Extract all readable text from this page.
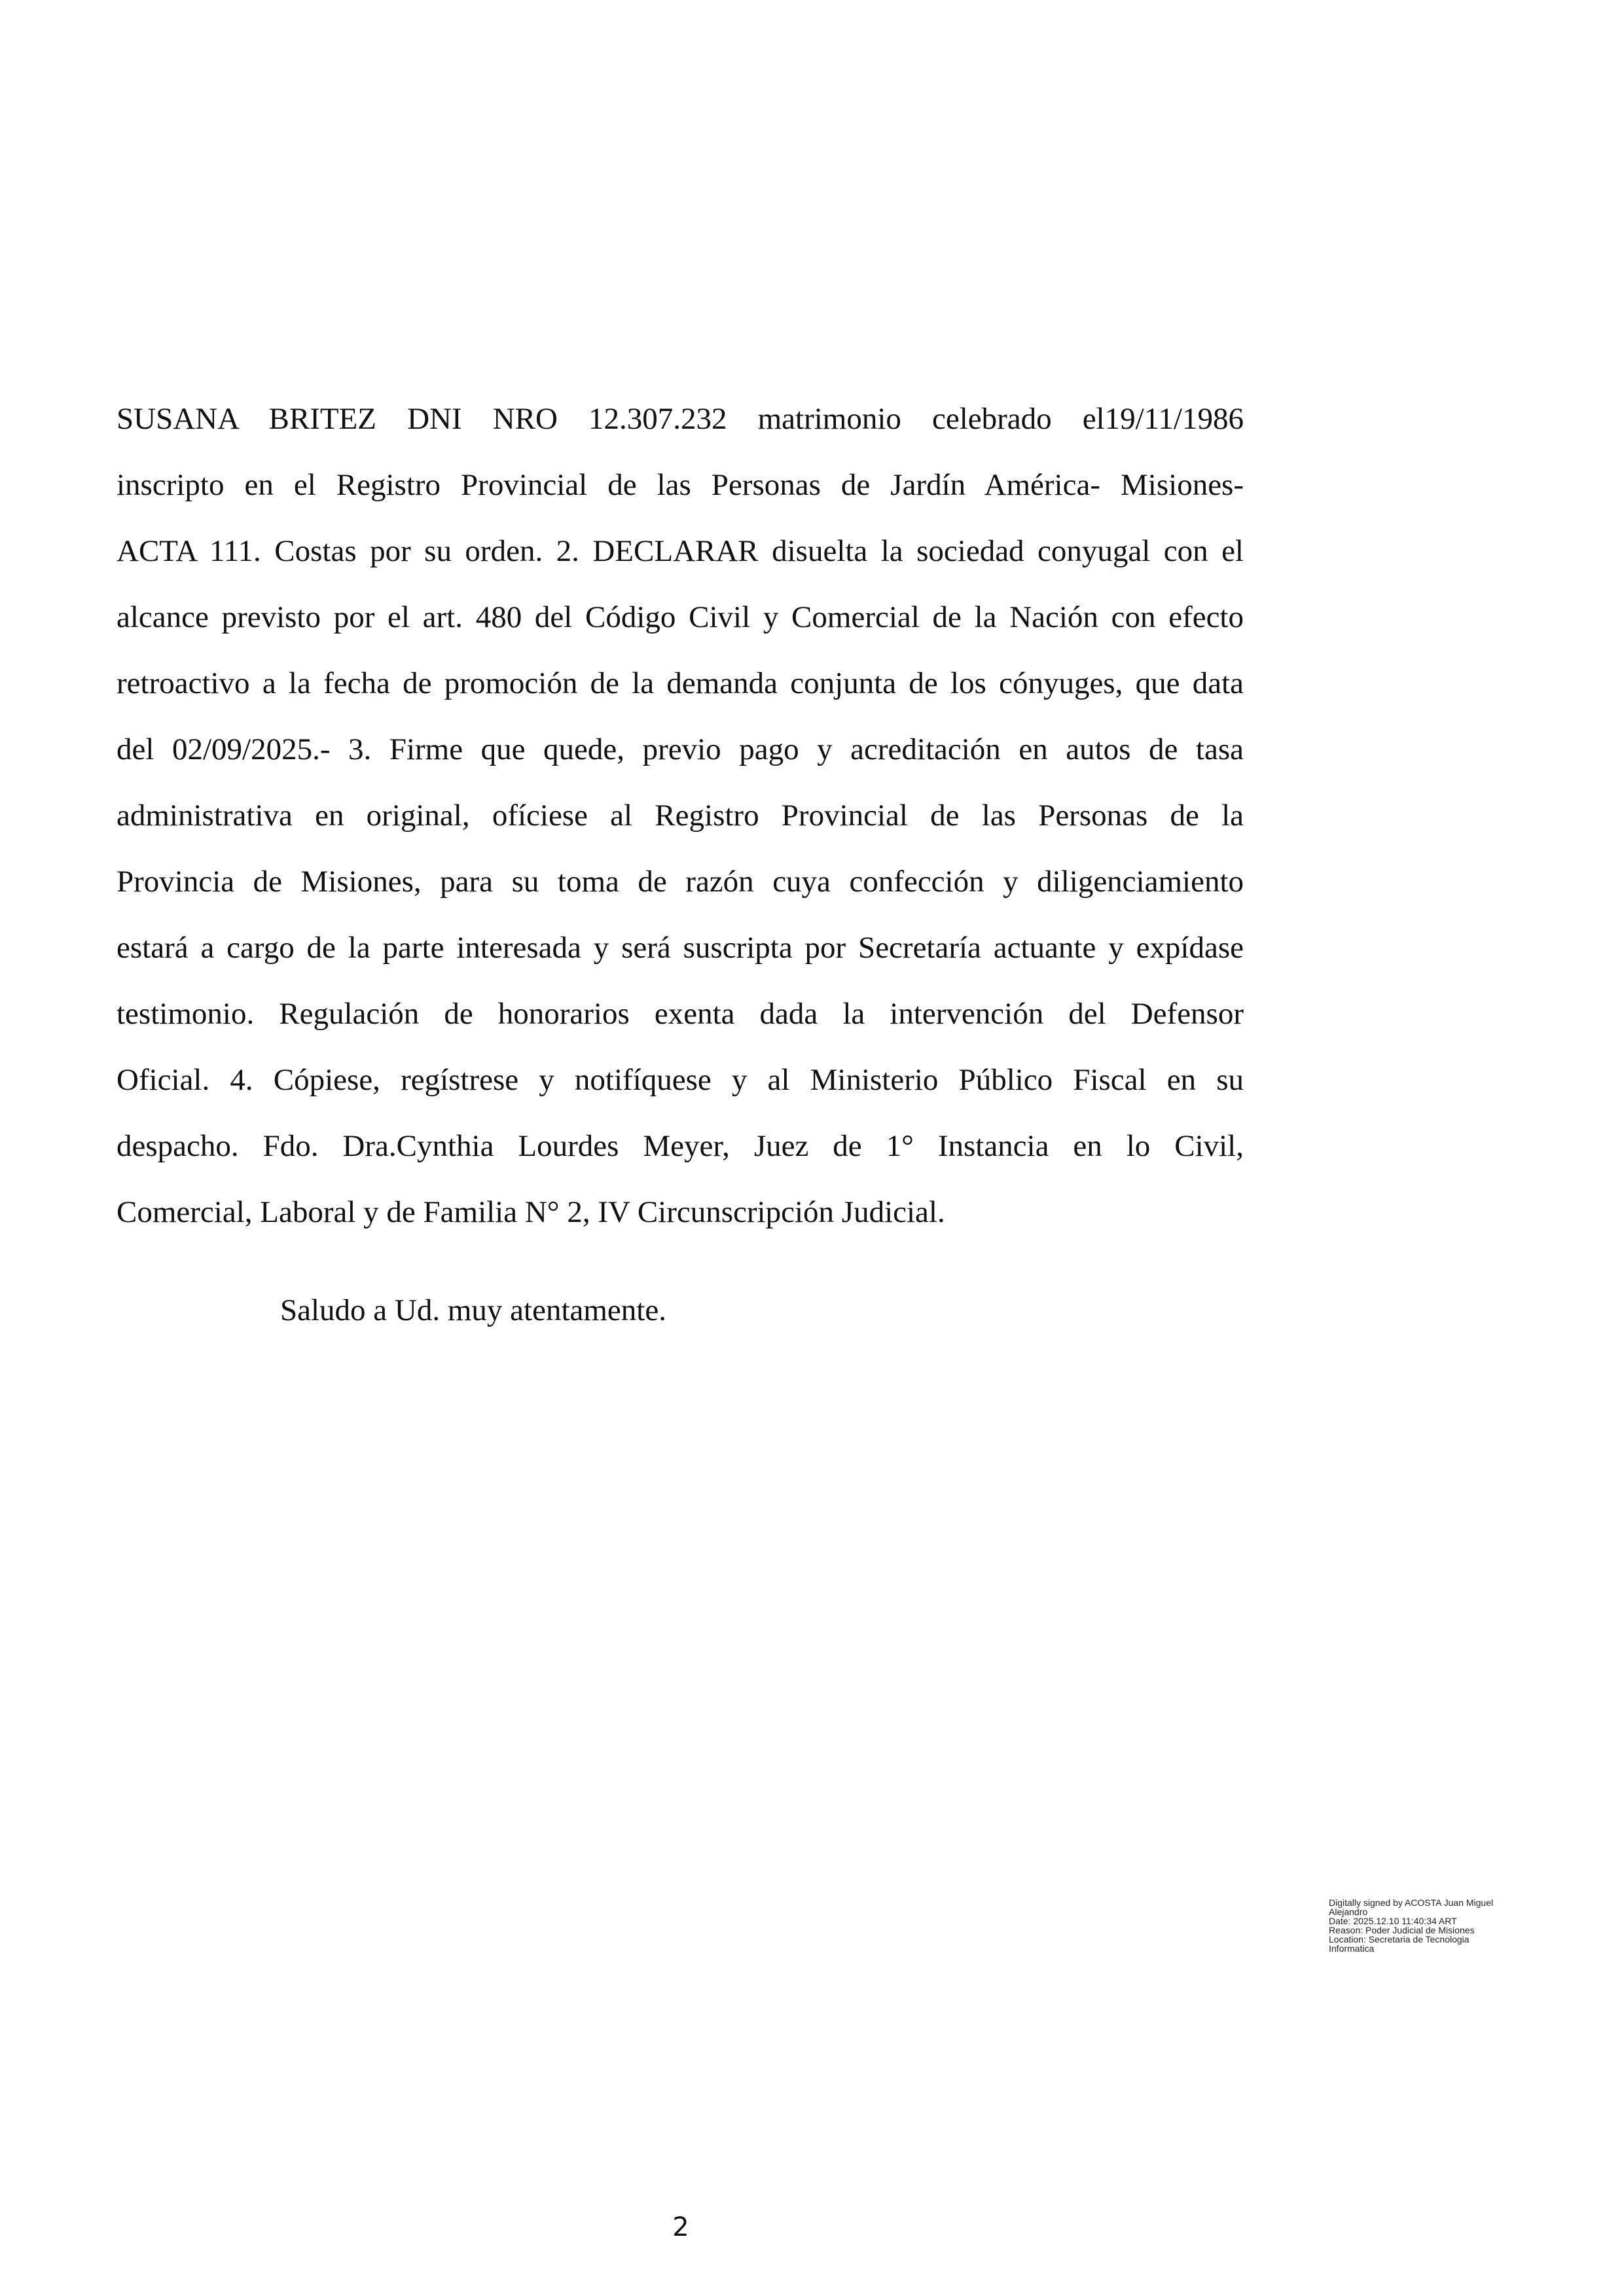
SUSANA BRITEZ DNI NRO 12.307.232 matrimonio celebrado el19/11/1986
inscripto en el Registro Provincial de las Personas de Jardín América- Misiones-
ACTA 111. Costas por su orden. 2. DECLARAR disuelta la sociedad conyugal con el
alcance previsto por el art. 480 del Código Civil y Comercial de la Nación con efecto
retroactivo a la fecha de promoción de la demanda conjunta de los cónyuges, que data
del 02/09/2025.- 3. Firme que quede, previo pago y acreditación en autos de tasa
administrativa en original, ofíciese al Registro Provincial de las Personas de la
Provincia de Misiones, para su toma de razón cuya confección y diligenciamiento
estará a cargo de la parte interesada y será suscripta por Secretaría actuante y expídase
testimonio. Regulación de honorarios exenta dada la intervención del Defensor
Oficial. 4. Cópiese, regístrese y notifíquese y al Ministerio Público Fiscal en su
despacho. Fdo. Dra.Cynthia Lourdes Meyer, Juez de 1° Instancia en lo Civil,
Comercial, Laboral y de Familia N° 2, IV Circunscripción Judicial.
Saludo a Ud. muy atentamente.
Digitally signed by ACOSTA Juan Miguel
Alejandro
Date: 2025.12.10 11:40:34 ART
Reason: Poder Judicial de Misiones
Location: Secretaria de Tecnologia
Informatica
2
